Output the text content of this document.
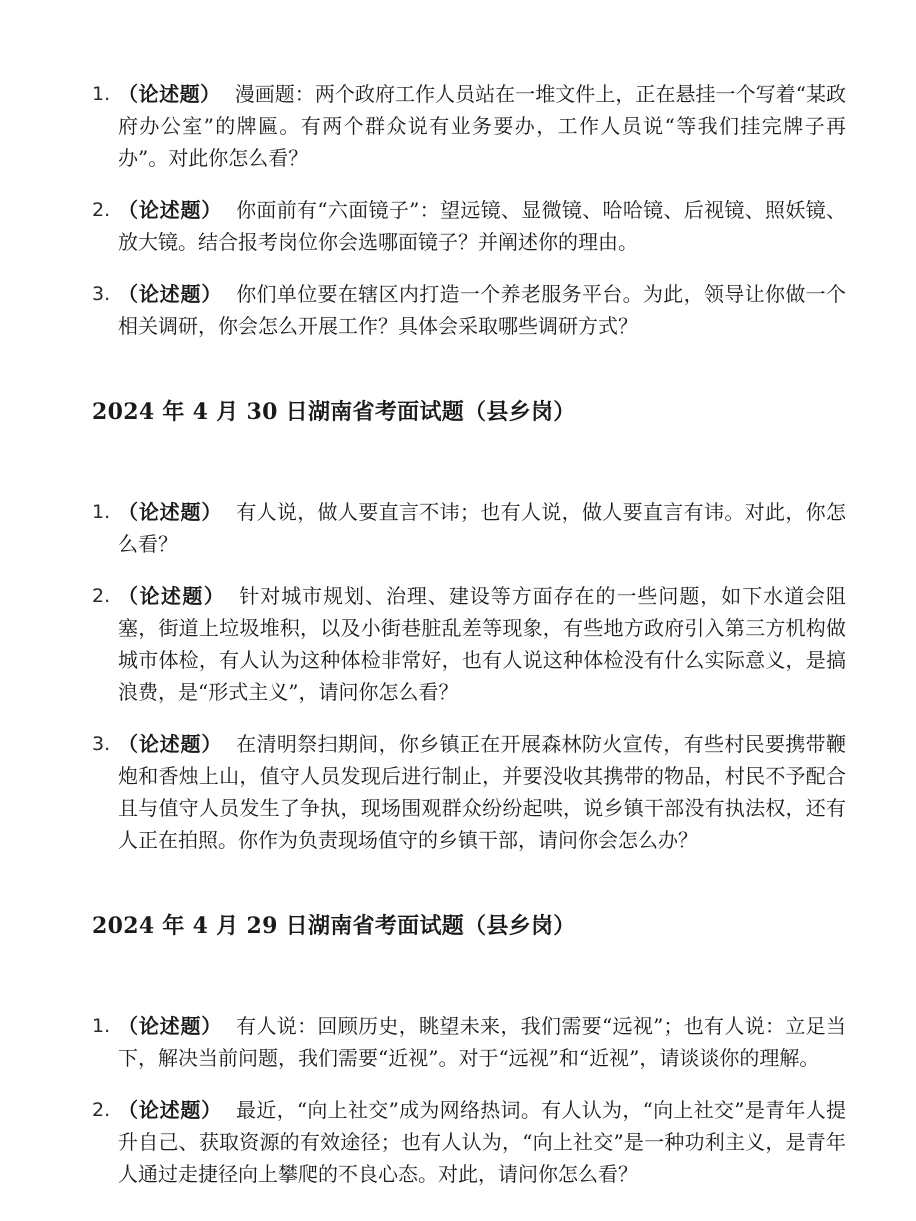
1. （论述题） 漫画题：两个政府工作人员站在一堆文件上，正在悬挂一个写着“某政府办公室”的牌匾。有两个群众说有业务要办，工作人员说“等我们挂完牌子再办”。对此你怎么看？
2. （论述题） 你面前有“六面镜子”：望远镜、显微镜、哈哈镜、后视镜、照妖镜、放大镜。结合报考岗位你会选哪面镜子？并阐述你的理由。
3. （论述题） 你们单位要在辖区内打造一个养老服务平台。为此，领导让你做一个相关调研，你会怎么开展工作？具体会采取哪些调研方式？
2024 年 4 月 30 日湖南省考面试题（县乡岗）
1. （论述题） 有人说，做人要直言不讳；也有人说，做人要直言有讳。对此，你怎么看？
2. （论述题） 针对城市规划、治理、建设等方面存在的一些问题，如下水道会阻塞，街道上垃圾堆积，以及小街巷脏乱差等现象，有些地方政府引入第三方机构做城市体检，有人认为这种体检非常好，也有人说这种体检没有什么实际意义，是搞浪费，是“形式主义”，请问你怎么看？
3. （论述题） 在清明祭扫期间，你乡镇正在开展森林防火宣传，有些村民要携带鞭炮和香烛上山，值守人员发现后进行制止，并要没收其携带的物品，村民不予配合且与值守人员发生了争执，现场围观群众纷纷起哄，说乡镇干部没有执法权，还有人正在拍照。你作为负责现场值守的乡镇干部，请问你会怎么办？
2024 年 4 月 29 日湖南省考面试题（县乡岗）
1. （论述题） 有人说：回顾历史，眺望未来，我们需要“远视”；也有人说：立足当下，解决当前问题，我们需要“近视”。对于“远视”和“近视”，请谈谈你的理解。
2. （论述题） 最近，“向上社交”成为网络热词。有人认为，“向上社交”是青年人提升自己、获取资源的有效途径；也有人认为，“向上社交”是一种功利主义，是青年人通过走捷径向上攀爬的不良心态。对此，请问你怎么看？
